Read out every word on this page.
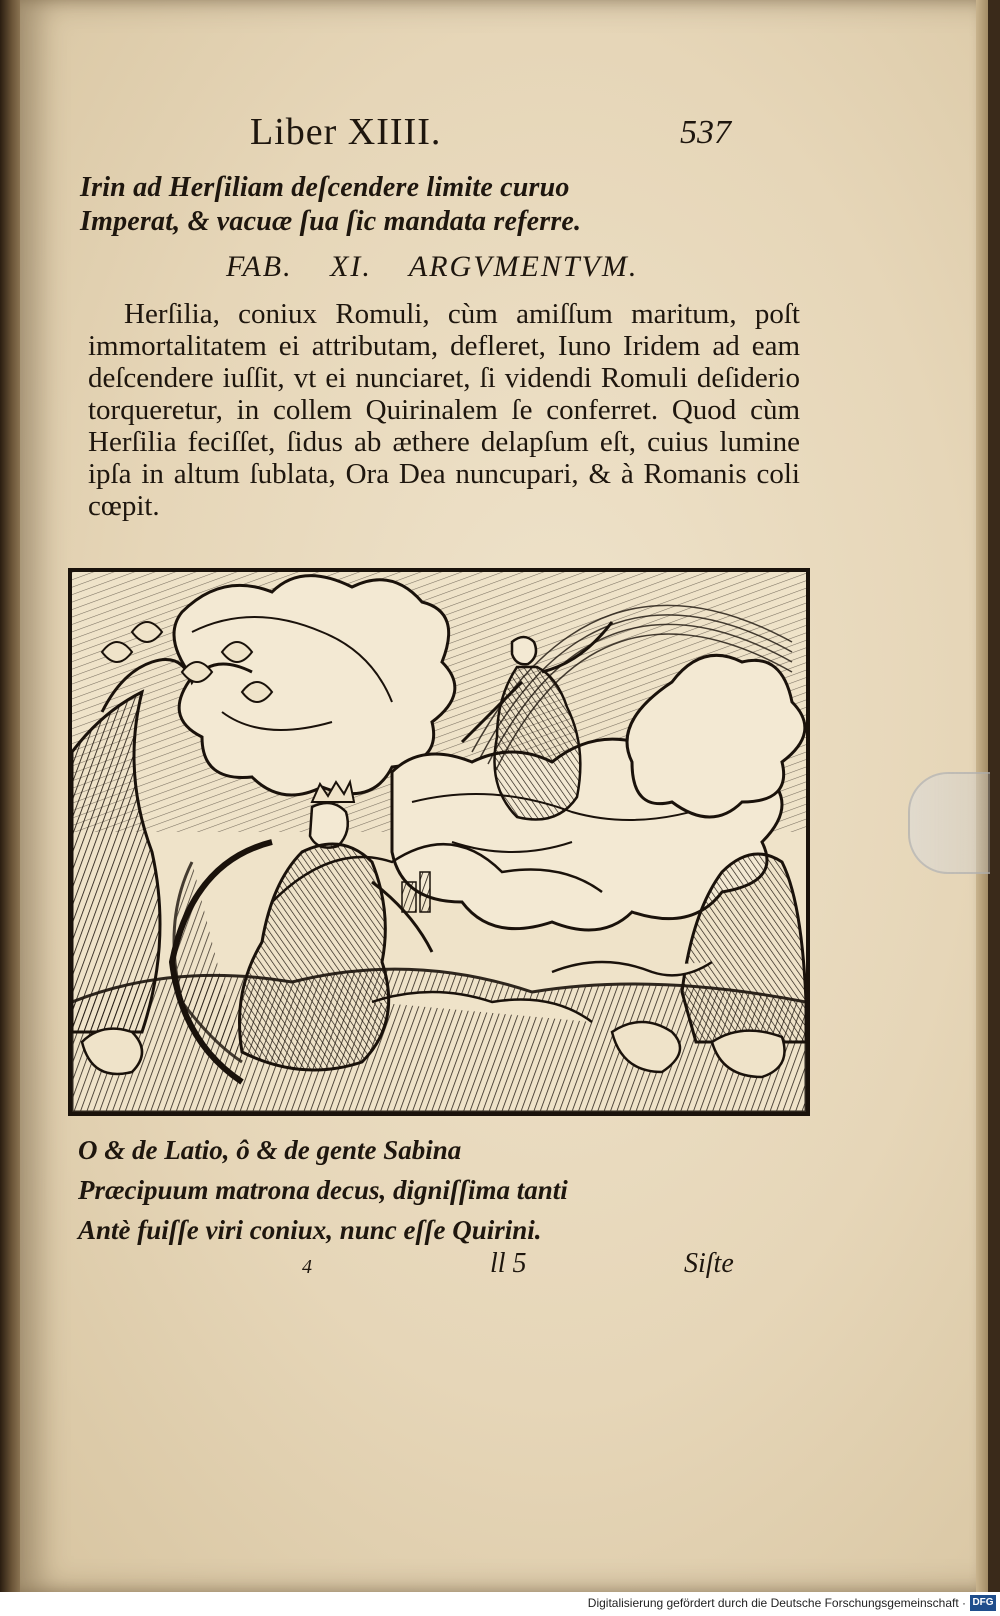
Liber XIIII.	537
Irin ad Herſiliam deſcendere limite curuo
Imperat, & vacuæ ſua ſic mandata referre.
FAB. XI. ARGVMENTVM.

Herſilia, coniux Romuli, cùm amiſſum maritum, poſt immortalitatem ei attributam, defleret, Iuno Iridem ad eam deſcendere iuſſit, vt ei nunciaret, ſi videndi Romuli deſiderio torqueretur, in collem Quirinalem ſe conferret. Quod cùm Herſilia feciſſet, ſidus ab æthere delapſum eſt, cuius lumine ipſa in altum ſublata, Ora Dea nuncupari, & à Romanis coli cœpit.

O & de Latio, ô & de gente Sabina
Præcipuum matrona decus, digniſſima tanti
Antè fuiſſe viri coniux, nunc eſſe Quirini.
4	ll 5	Siſte
Digitalisierung gefördert durch die Deutsche Forschungsgemeinschaft · DFG
